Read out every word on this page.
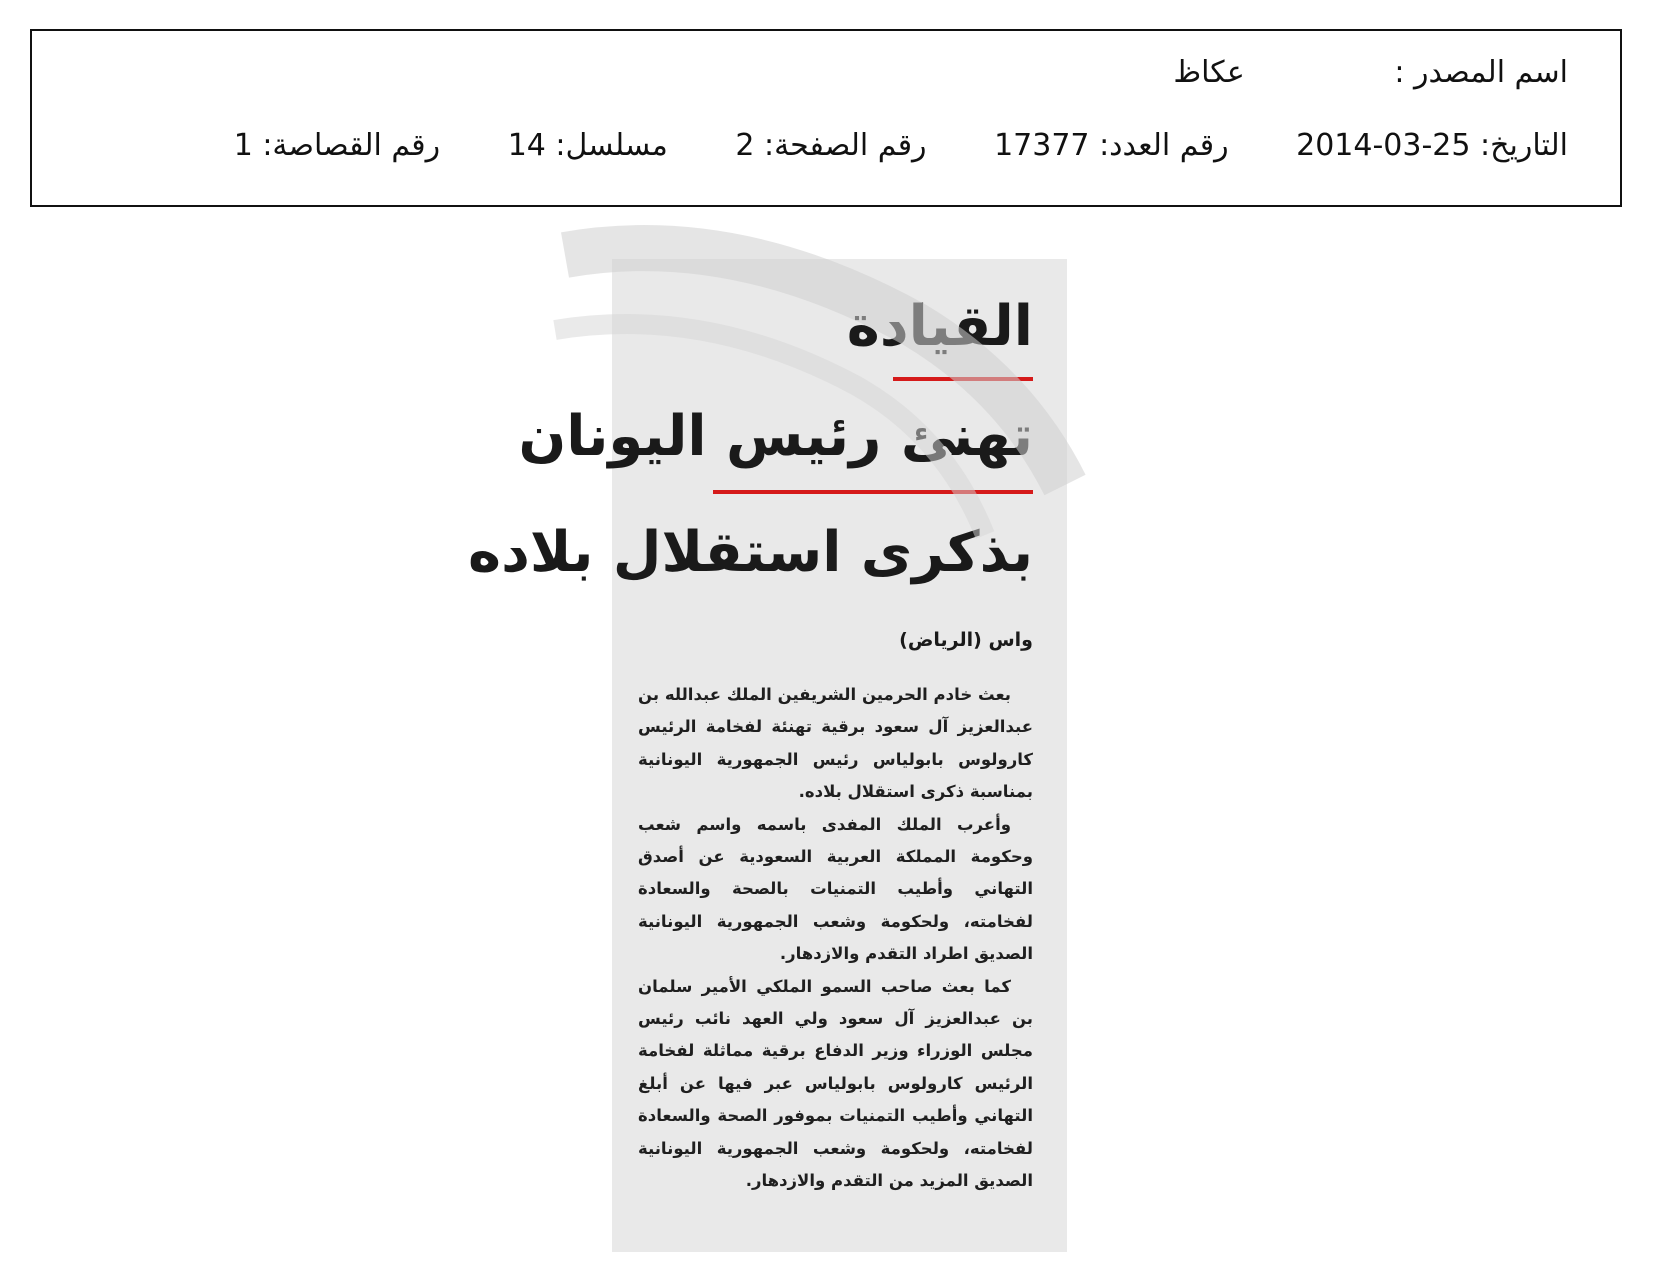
اسم المصدر : عكاظ
التاريخ: 2014-03-25 رقم العدد: 17377 رقم الصفحة: 2 مسلسل: 14 رقم القصاصة: 1
القيادة
تهنئ رئيس اليونان
بذكرى استقلال بلاده
واس (الرياض)

بعث خادم الحرمين الشريفين الملك عبدالله بن عبدالعزيز آل سعود برقية تهنئة لفخامة الرئيس كارولوس بابولياس رئيس الجمهورية اليونانية بمناسبة ذكرى استقلال بلاده.

وأعرب الملك المفدى باسمه واسم شعب وحكومة المملكة العربية السعودية عن أصدق التهاني وأطيب التمنيات بالصحة والسعادة لفخامته، ولحكومة وشعب الجمهورية اليونانية الصديق اطراد التقدم والازدهار.

كما بعث صاحب السمو الملكي الأمير سلمان بن عبدالعزيز آل سعود ولي العهد نائب رئيس مجلس الوزراء وزير الدفاع برقية مماثلة لفخامة الرئيس كارولوس بابولياس عبر فيها عن أبلغ التهاني وأطيب التمنيات بموفور الصحة والسعادة لفخامته، ولحكومة وشعب الجمهورية اليونانية الصديق المزيد من التقدم والازدهار.
